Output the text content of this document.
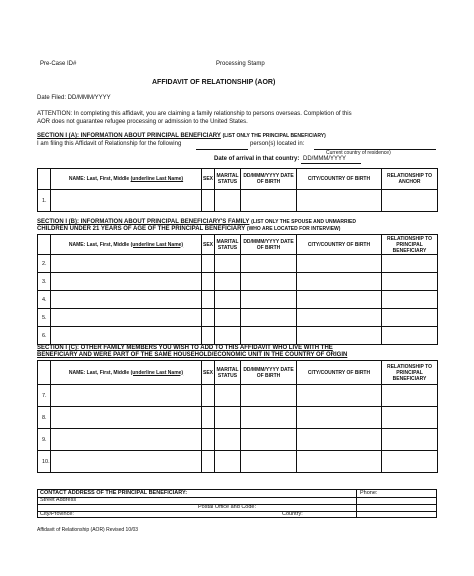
Pre-Case ID#	Processing Stamp
AFFIDAVIT OF RELATIONSHIP (AOR)
Date Filed: DD/MMM/YYYY
ATTENTION: In completing this affidavit, you are claiming a family relationship to persons overseas. Completion of this
AOR does not guarantee refugee processing or admission to the United States.
SECTION I (A): INFORMATION ABOUT PRINCIPAL BENEFICIARY (LIST ONLY THE PRINCIPAL BENEFICIARY)
I am filing this Affidavit of Relationship for the following	person(s) located in:
Current country of residence)
Date of arrival in that country: DD/MMM/YYYY
	NAME: Last, First, Middle (underline Last Name)	SEX	MARITAL STATUS	DD/MMM/YYYY DATE OF BIRTH	CITY/COUNTRY OF BIRTH	RELATIONSHIP TO ANCHOR
1.						
SECTION I (B): INFORMATION ABOUT PRINCIPAL BENEFICIARY'S FAMILY (LIST ONLY THE SPOUSE AND UNMARRIED
CHILDREN UNDER 21 YEARS OF AGE OF THE PRINCIPAL BENEFICIARY (WHO ARE LOCATED FOR INTERVIEW)
	NAME: Last, First, Middle (underline Last Name)	SEX	MARITAL STATUS	DD/MMM/YYYY DATE OF BIRTH	CITY/COUNTRY OF BIRTH	RELATIONSHIP TO PRINCIPAL BENEFICIARY
2.						
3.						
4.						
5.						
6.						
SECTION I (C): OTHER FAMILY MEMBERS YOU WISH TO ADD TO THIS AFFIDAVIT WHO LIVE WITH THE
BENEFICIARY AND WERE PART OF THE SAME HOUSEHOLD/ECONOMIC UNIT IN THE COUNTRY OF ORIGIN
	NAME: Last, First, Middle (underline Last Name)	SEX	MARITAL STATUS	DD/MMM/YYYY DATE OF BIRTH	CITY/COUNTRY OF BIRTH	RELATIONSHIP TO PRINCIPAL BENEFICIARY
7.						
8.						
9.						
10.						
CONTACT ADDRESS OF THE PRINCIPAL BENEFICIARY:	Phone:
Street Address
Postal Office and Code:
City/Province:	Country:
Affidavit of Relationship (AOR) Revised 10/03
